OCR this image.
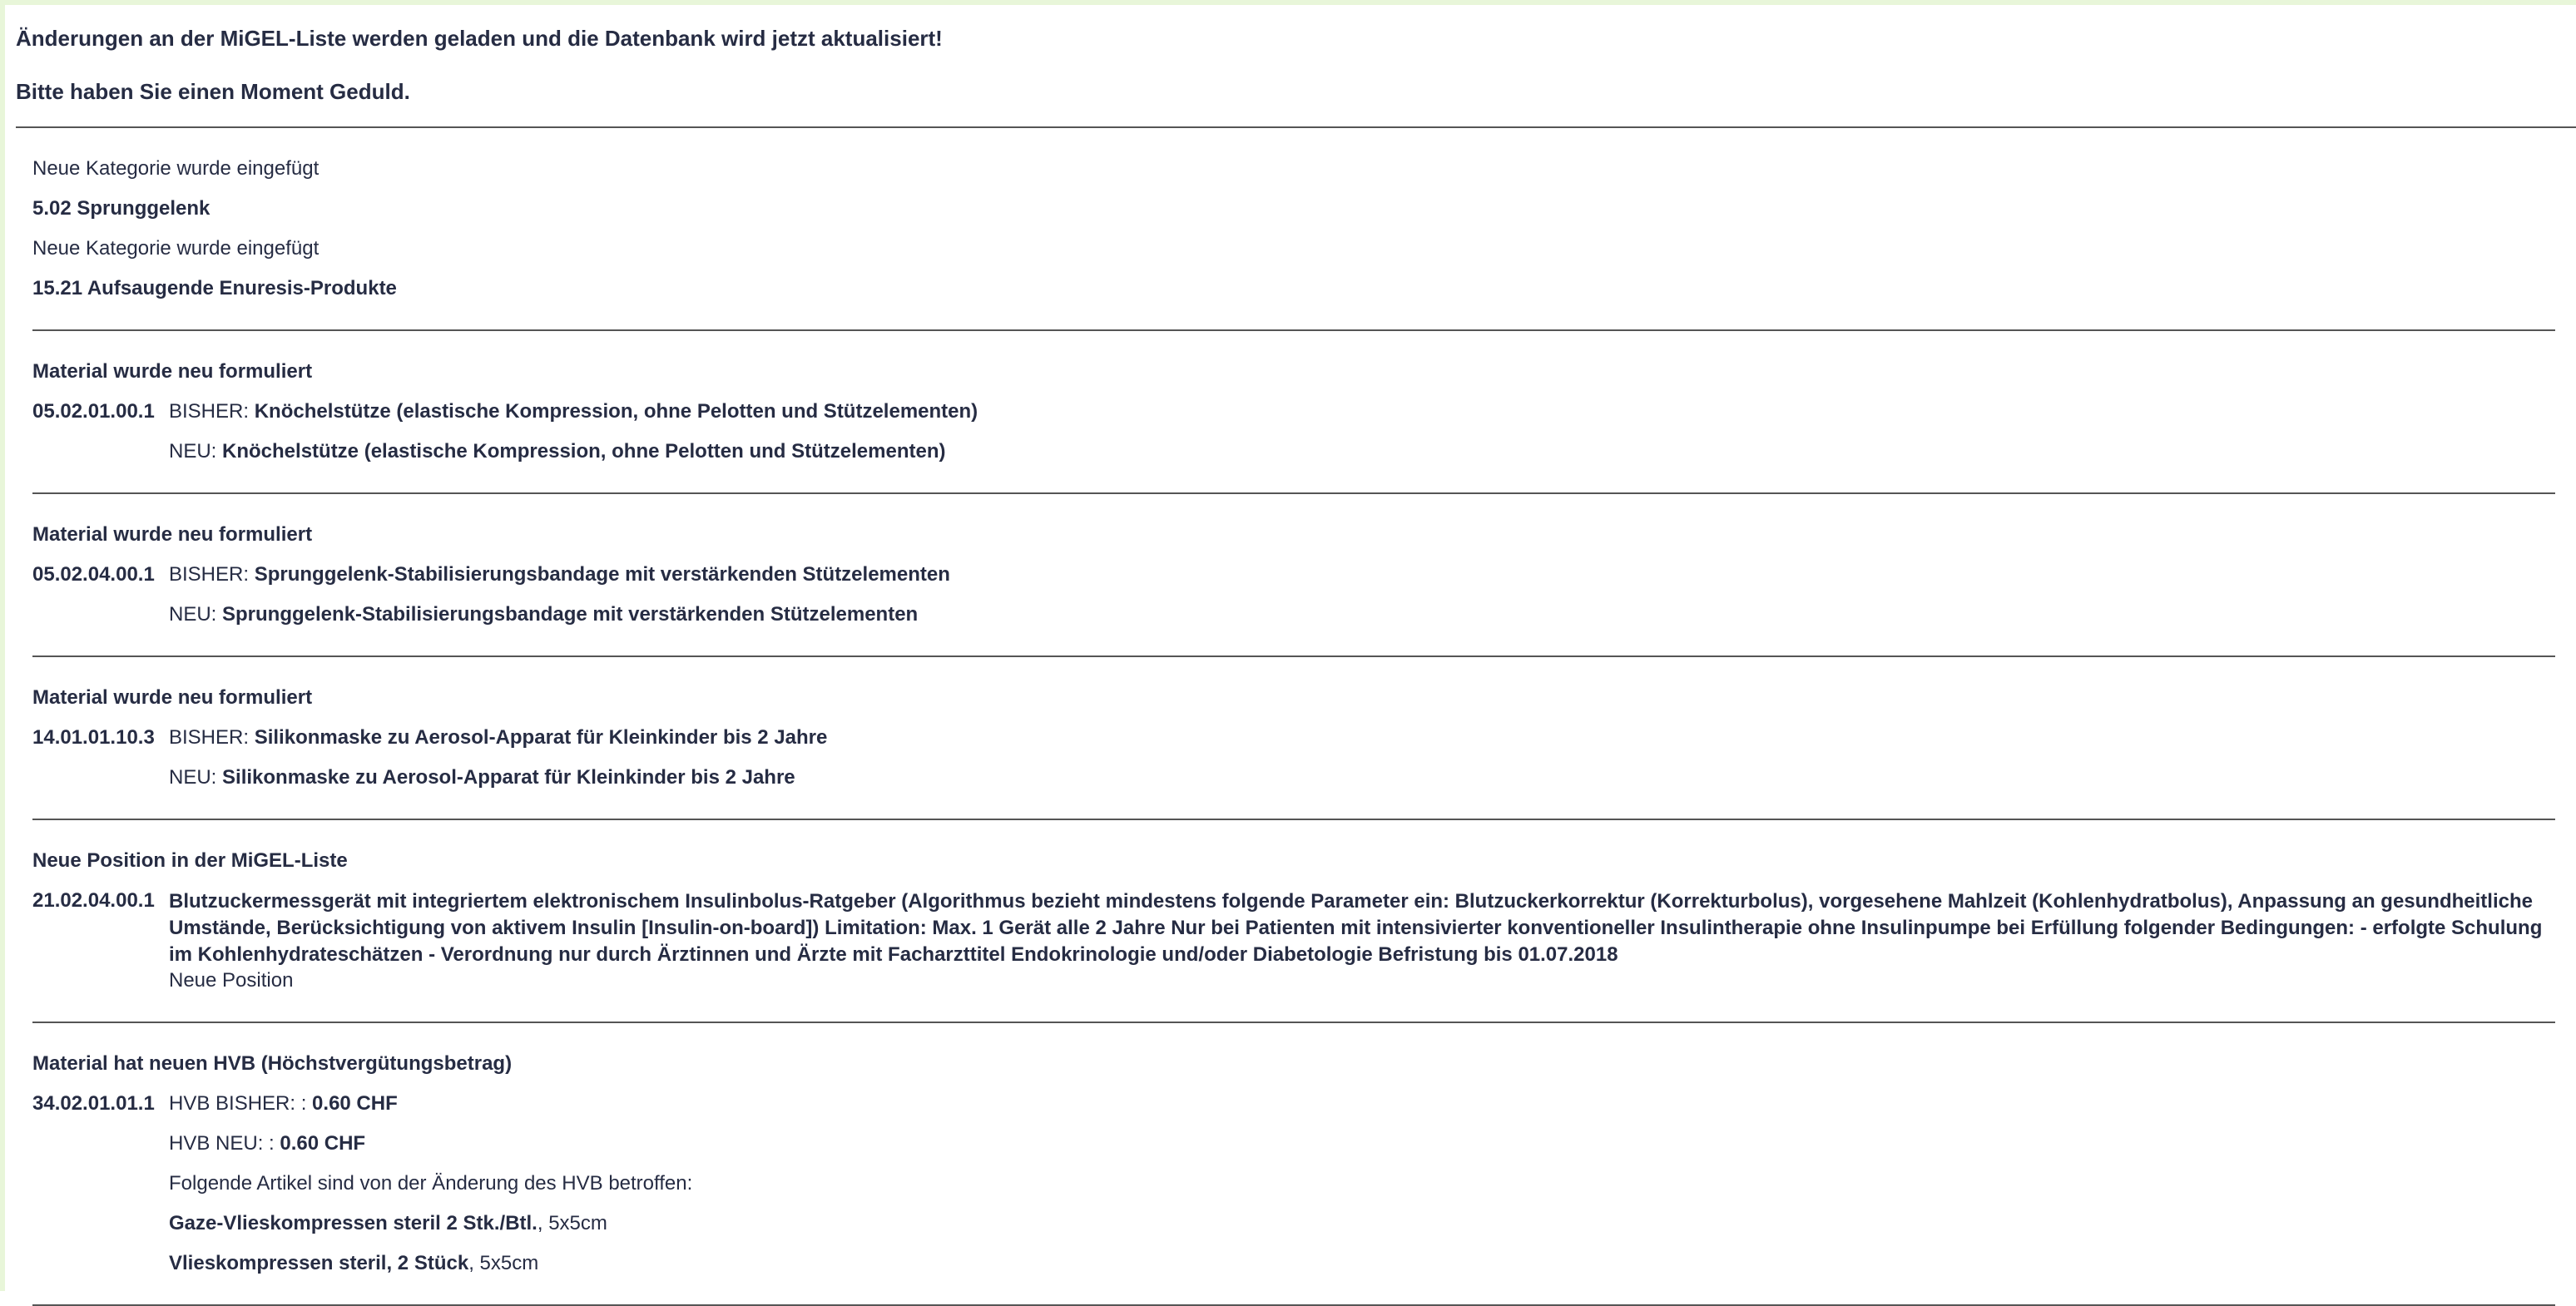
Änderungen an der MiGEL-Liste werden geladen und die Datenbank wird jetzt aktualisiert!

Bitte haben Sie einen Moment Geduld.

Neue Kategorie wurde eingefügt
5.02 Sprunggelenk
Neue Kategorie wurde eingefügt
15.21 Aufsaugende Enuresis-Produkte
Material wurde neu formuliert
05.02.01.00.1 BISHER: Knöchelstütze (elastische Kompression, ohne Pelotten und Stützelementen)
NEU: Knöchelstütze (elastische Kompression, ohne Pelotten und Stützelementen)
Material wurde neu formuliert
05.02.04.00.1 BISHER: Sprunggelenk-Stabilisierungsbandage mit verstärkenden Stützelementen
NEU: Sprunggelenk-Stabilisierungsbandage mit verstärkenden Stützelementen
Material wurde neu formuliert
14.01.01.10.3 BISHER: Silikonmaske zu Aerosol-Apparat für Kleinkinder bis 2 Jahre
NEU: Silikonmaske zu Aerosol-Apparat für Kleinkinder bis 2 Jahre
Neue Position in der MiGEL-Liste
21.02.04.00.1 Blutzuckermessgerät mit integriertem elektronischem Insulinbolus-Ratgeber (Algorithmus bezieht mindestens folgende Parameter ein: Blutzuckerkorrektur (Korrekturbolus), vorgesehene Mahlzeit (Kohlenhydratbolus), Anpassung an gesundheitliche Umstände, Berücksichtigung von aktivem Insulin [Insulin-on-board]) Limitation: Max. 1 Gerät alle 2 Jahre Nur bei Patienten mit intensivierter konventioneller Insulintherapie ohne Insulinpumpe bei Erfüllung folgender Bedingungen: - erfolgte Schulung im Kohlenhydrateschätzen - Verordnung nur durch Ärztinnen und Ärzte mit Facharzttitel Endokrinologie und/oder Diabetologie Befristung bis 01.07.2018
Neue Position
Material hat neuen HVB (Höchstvergütungsbetrag)
34.02.01.01.1 HVB BISHER: : 0.60 CHF
HVB NEU: : 0.60 CHF
Folgende Artikel sind von der Änderung des HVB betroffen:
Gaze-Vlieskompressen steril 2 Stk./Btl., 5x5cm
Vlieskompressen steril, 2 Stück, 5x5cm
